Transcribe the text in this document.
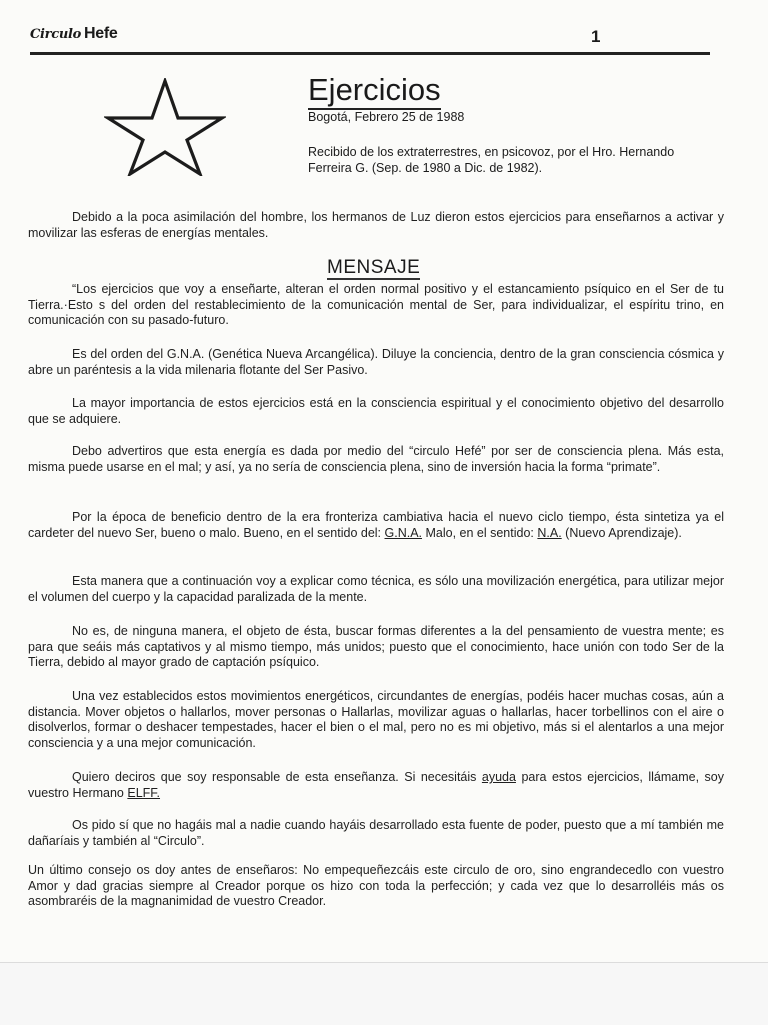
Circulo Hefe	1
Ejercicios
Bogotá, Febrero 25 de 1988
Recibido de los extraterrestres, en psicovoz, por el Hro. Hernando Ferreira G. (Sep. de 1980 a Dic. de 1982).
Debido a la poca asimilación del hombre, los hermanos de Luz dieron estos ejercicios para enseñarnos a activar y movilizar las esferas de energías mentales.
MENSAJE
“Los ejercicios que voy a enseñarte, alteran el orden normal positivo y el estancamiento psíquico en el Ser de tu Tierra.·Esto s del orden del restablecimiento de la comunicación mental de Ser, para individualizar, el espíritu trino, en comunicación con su pasado-futuro.
Es del orden del G.N.A. (Genética Nueva Arcangélica). Diluye la conciencia, dentro de la gran consciencia cósmica y abre un paréntesis a la vida milenaria flotante del Ser Pasivo.
La mayor importancia de estos ejercicios está en la consciencia espiritual y el conocimiento objetivo del desarrollo que se adquiere.
Debo advertiros que esta energía es dada por medio del “circulo Hefé” por ser de consciencia plena. Más esta, misma puede usarse en el mal; y así, ya no sería de consciencia plena, sino de inversión hacia la forma “primate”.
Por la época de beneficio dentro de la era fronteriza cambiativa hacia el nuevo ciclo tiempo, ésta sintetiza ya el cardeter del nuevo Ser, bueno o malo. Bueno, en el sentido del: G.N.A. Malo, en el sentido: N.A. (Nuevo Aprendizaje).
Esta manera que a continuación voy a explicar como técnica, es sólo una movilización energética, para utilizar mejor el volumen del cuerpo y la capacidad paralizada de la mente.
No es, de ninguna manera, el objeto de ésta, buscar formas diferentes a la del pensamiento de vuestra mente; es para que seáis más captativos y al mismo tiempo, más unidos; puesto que el conocimiento, hace unión con todo Ser de la Tierra, debido al mayor grado de captación psíquico.
Una vez establecidos estos movimientos energéticos, circundantes de energías, podéis hacer muchas cosas, aún a distancia. Mover objetos o hallarlos, mover personas o Hallarlas, movilizar aguas o hallarlas, hacer torbellinos con el aire o disolverlos, formar o deshacer tempestades, hacer el bien o el mal, pero no es mi objetivo, más si el alentarlos a una mejor consciencia y a una mejor comunicación.
Quiero deciros que soy responsable de esta enseñanza. Si necesitáis ayuda para estos ejercicios, llámame, soy vuestro Hermano ELFF.
Os pido sí que no hagáis mal a nadie cuando hayáis desarrollado esta fuente de poder, puesto que a mí también me dañaríais y también al “Circulo”.
Un último consejo os doy antes de enseñaros: No empequeñezcáis este circulo de oro, sino engrandecedlo con vuestro Amor y dad gracias siempre al Creador porque os hizo con toda la perfección; y cada vez que lo desarrolléis más os asombraréis de la magnanimidad de vuestro Creador.
